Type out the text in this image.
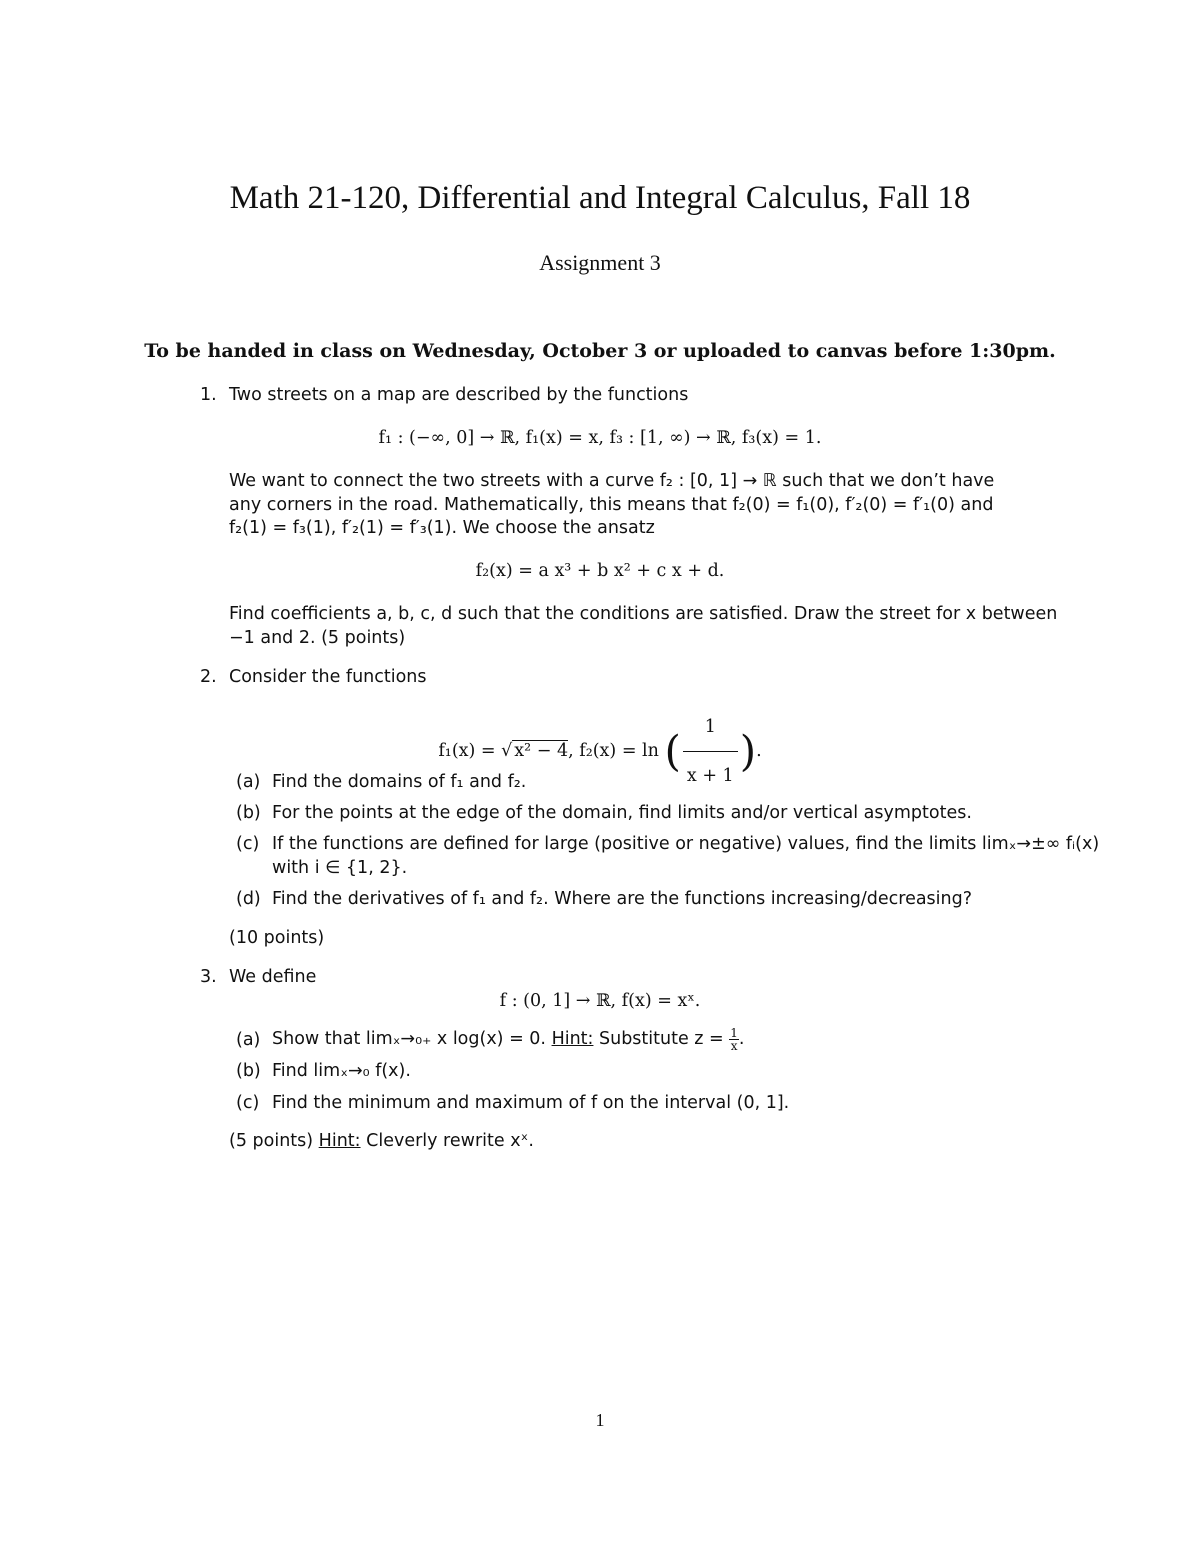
Math 21-120, Differential and Integral Calculus, Fall 18
Assignment 3
To be handed in class on Wednesday, October 3 or uploaded to canvas before 1:30pm.
1. Two streets on a map are described by the functions
f₁ : (−∞, 0] → ℝ, f₁(x) = x, f₃ : [1, ∞) → ℝ, f₃(x) = 1.
We want to connect the two streets with a curve f₂ : [0, 1] → ℝ such that we don’t have
any corners in the road. Mathematically, this means that f₂(0) = f₁(0), f′₂(0) = f′₁(0) and
f₂(1) = f₃(1), f′₂(1) = f′₃(1). We choose the ansatz
f₂(x) = a x³ + b x² + c x + d.
Find coefficients a, b, c, d such that the conditions are satisfied. Draw the street for x between
−1 and 2. (5 points)
2. Consider the functions
f₁(x) = √ x² − 4, f₂(x) = ln ( $\frac{1}{x + 1}$ ).
(a) Find the domains of f₁ and f₂.
(b) For the points at the edge of the domain, find limits and/or vertical asymptotes.
(c) If the functions are defined for large (positive or negative) values, find the limits limₓ→±∞ fᵢ(x)
with i ∈ {1, 2}.
(d) Find the derivatives of f₁ and f₂. Where are the functions increasing/decreasing?
(10 points)
3. We define
f : (0, 1] → ℝ, f(x) = xˣ.
(a) Show that limₓ→₀₊ x log(x) = 0. Hint: Substitute $z = \frac{1}{x}$ .
(b) Find limₓ→₀ f(x).
(c) Find the minimum and maximum of f on the interval (0, 1].
(5 points) Hint: Cleverly rewrite xˣ.
1
